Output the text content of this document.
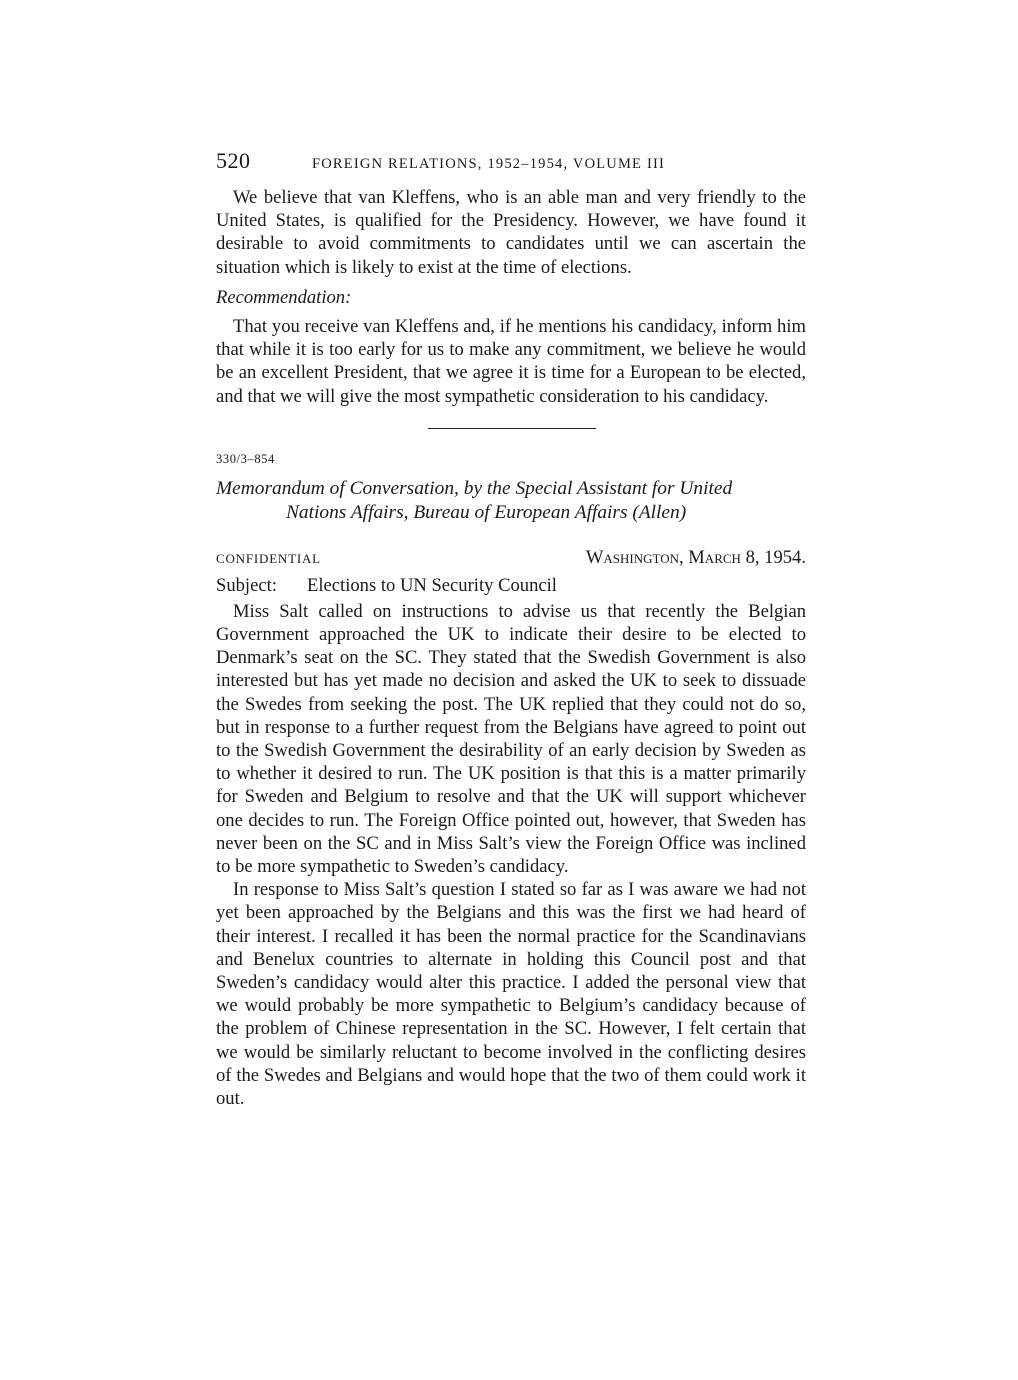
520	FOREIGN RELATIONS, 1952–1954, VOLUME III

We believe that van Kleffens, who is an able man and very friendly to the United States, is qualified for the Presidency. However, we have found it desirable to avoid commitments to candidates until we can ascertain the situation which is likely to exist at the time of elections.

Recommendation:

That you receive van Kleffens and, if he mentions his candidacy, inform him that while it is too early for us to make any commitment, we believe he would be an excellent President, that we agree it is time for a European to be elected, and that we will give the most sympathetic consideration to his candidacy.

330/3–854
Memorandum of Conversation, by the Special Assistant for United
Nations Affairs, Bureau of European Affairs (Allen)
CONFIDENTIAL	Washington, March 8, 1954.
Subject:	Elections to UN Security Council

Miss Salt called on instructions to advise us that recently the Belgian Government approached the UK to indicate their desire to be elected to Denmark’s seat on the SC. They stated that the Swedish Government is also interested but has yet made no decision and asked the UK to seek to dissuade the Swedes from seeking the post. The UK replied that they could not do so, but in response to a further request from the Belgians have agreed to point out to the Swedish Government the desirability of an early decision by Sweden as to whether it desired to run. The UK position is that this is a matter primarily for Sweden and Belgium to resolve and that the UK will support whichever one decides to run. The Foreign Office pointed out, however, that Sweden has never been on the SC and in Miss Salt’s view the Foreign Office was inclined to be more sympathetic to Sweden’s candidacy.

In response to Miss Salt’s question I stated so far as I was aware we had not yet been approached by the Belgians and this was the first we had heard of their interest. I recalled it has been the normal practice for the Scandinavians and Benelux countries to alternate in holding this Council post and that Sweden’s candidacy would alter this practice. I added the personal view that we would probably be more sympathetic to Belgium’s candidacy because of the problem of Chinese representation in the SC. However, I felt certain that we would be similarly reluctant to become involved in the conflicting desires of the Swedes and Belgians and would hope that the two of them could work it out.
